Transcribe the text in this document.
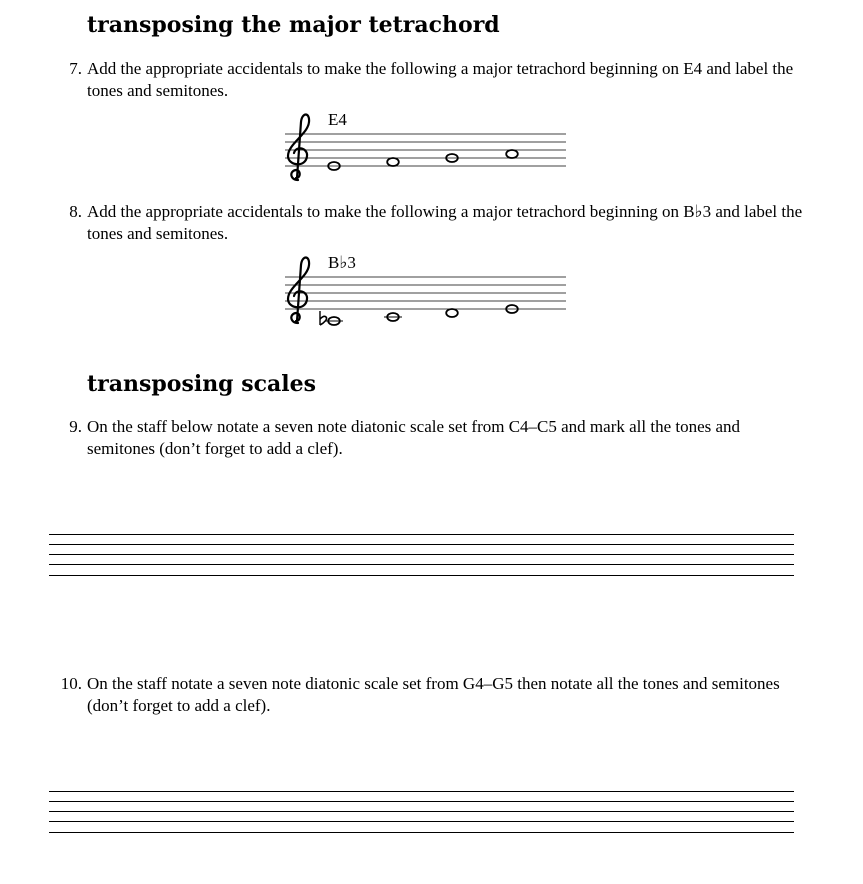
transposing the major tetrachord
7. Add the appropriate accidentals to make the following a major tetrachord beginning on E4 and label the tones and semitones.
E4
8. Add the appropriate accidentals to make the following a major tetrachord beginning on B♭3 and label the tones and semitones.
B♭3
transposing scales
9. On the staff below notate a seven note diatonic scale set from C4–C5 and mark all the tones and semitones (don’t forget to add a clef).
10. On the staff notate a seven note diatonic scale set from G4–G5 then notate all the tones and semitones (don’t forget to add a clef).
